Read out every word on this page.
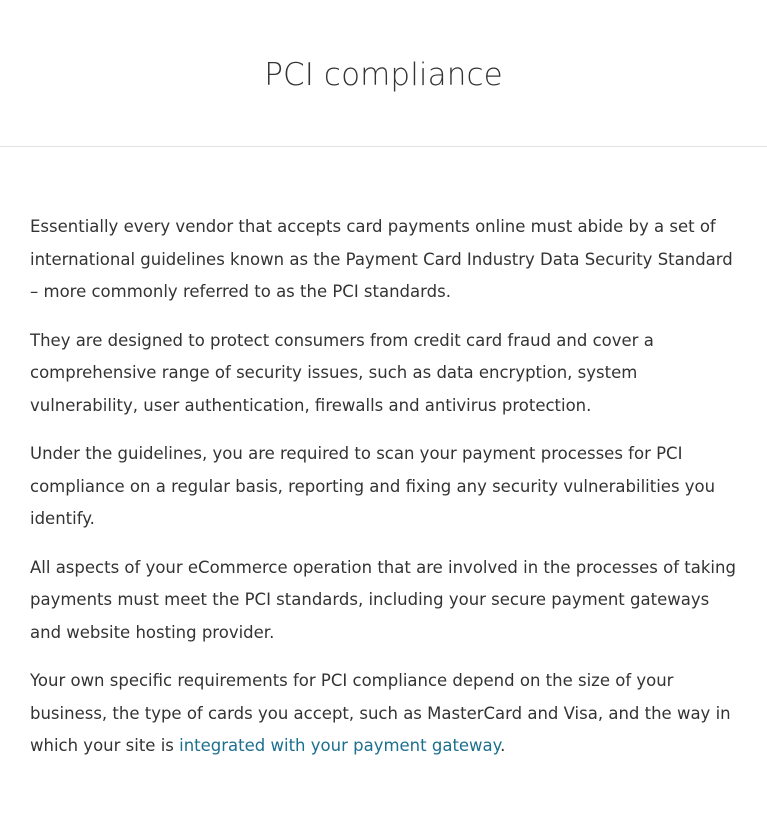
PCI compliance

Essentially every vendor that accepts card payments online must abide by a set of international guidelines known as the Payment Card Industry Data Security Standard – more commonly referred to as the PCI standards.

They are designed to protect consumers from credit card fraud and cover a comprehensive range of security issues, such as data encryption, system vulnerability, user authentication, firewalls and antivirus protection.

Under the guidelines, you are required to scan your payment processes for PCI compliance on a regular basis, reporting and fixing any security vulnerabilities you identify.

All aspects of your eCommerce operation that are involved in the processes of taking payments must meet the PCI standards, including your secure payment gateways and website hosting provider.

Your own specific requirements for PCI compliance depend on the size of your business, the type of cards you accept, such as MasterCard and Visa, and the way in which your site is integrated with your payment gateway.
